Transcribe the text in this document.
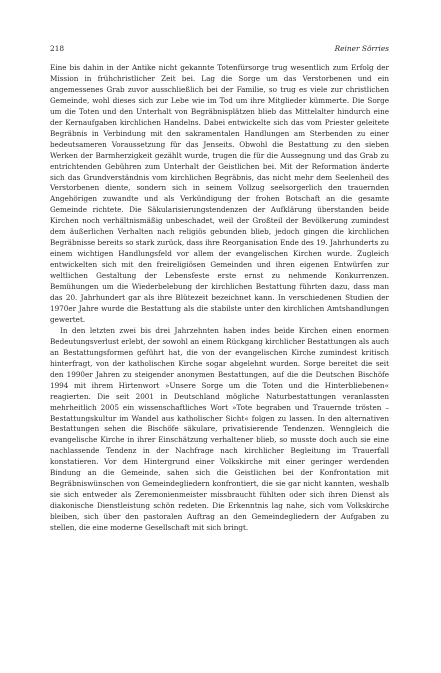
218	Reiner Sörries

Eine bis dahin in der Antike nicht gekannte Totenfürsorge trug wesentlich zum Erfolg der Mission in frühchristlicher Zeit bei. Lag die Sorge um das Verstorbenen und ein angemessenes Grab zuvor ausschließlich bei der Familie, so trug es viele zur christlichen Gemeinde, wohl dieses sich zur Lebe wie im Tod um ihre Mitglieder kümmerte. Die Sorge um die Toten und den Unterhalt von Begräbnisplätzen blieb das Mittelalter hindurch eine der Kernaufgaben kirchlichen Handelns. Dabei entwickelte sich das vom Priester geleitete Begräbnis in Verbindung mit den sakramentalen Handlungen am Sterbenden zu einer bedeutsameren Voraussetzung für das Jenseits. Obwohl die Bestattung zu den sieben Werken der Barmherzigkeit gezählt wurde, trugen die für die Aussegnung und das Grab zu entrichtenden Gebühren zum Unterhalt der Geistlichen bei. Mit der Reformation änderte sich das Grundverständnis vom kirchlichen Begräbnis, das nicht mehr dem Seelenheil des Verstorbenen diente, sondern sich in seinem Vollzug seelsorgerlich den trauernden Angehörigen zuwandte und als Verkündigung der frohen Botschaft an die gesamte Gemeinde richtete. Die Säkularisierungstendenzen der Aufklärung überstanden beide Kirchen noch verhältnismäßig unbeschadet, weil der Großteil der Bevölkerung zumindest dem äußerlichen Verhalten nach religiös gebunden blieb, jedoch gingen die kirchlichen Begräbnisse bereits so stark zurück, dass ihre Reorganisation Ende des 19. Jahrhunderts zu einem wichtigen Handlungsfeld vor allem der evangelischen Kirchen wurde. Zugleich entwickelten sich mit den freireligiösen Gemeinden und ihren eigenen Entwürfen zur weltlichen Gestaltung der Lebensfeste erste ernst zu nehmende Konkurrenzen. Bemühungen um die Wiederbelebung der kirchlichen Bestattung führten dazu, dass man das 20. Jahrhundert gar als ihre Blütezeit bezeichnet kann. In verschiedenen Studien der 1970er Jahre wurde die Bestattung als die stabilste unter den kirchlichen Amtshandlungen gewertet.

In den letzten zwei bis drei Jahrzehnten haben indes beide Kirchen einen enormen Bedeutungsverlust erlebt, der sowohl an einem Rückgang kirchlicher Bestattungen als auch an Bestattungsformen geführt hat, die von der evangelischen Kirche zumindest kritisch hinterfragt, von der katholischen Kirche sogar abgelehnt wurden. Sorge bereitet die seit den 1990er Jahren zu steigender anonymen Bestattungen, auf die die Deutschen Bischöfe 1994 mit ihrem Hirtenwort »Unsere Sorge um die Toten und die Hinterbliebenen« reagierten. Die seit 2001 in Deutschland mögliche Naturbestattungen veranlassten mehrheitlich 2005 ein wissenschaftliches Wort »Tote begraben und Trauernde trösten – Bestattungskultur im Wandel aus katholischer Sicht« folgen zu lassen. In den alternativen Bestattungen sehen die Bischöfe säkulare, privatisierende Tendenzen. Wenngleich die evangelische Kirche in ihrer Einschätzung verhaltener blieb, so musste doch auch sie eine nachlassende Tendenz in der Nachfrage nach kirchlicher Begleitung im Trauerfall konstatieren. Vor dem Hintergrund einer Volkskirche mit einer geringer werdenden Bindung an die Gemeinde, sahen sich die Geistlichen bei der Konfrontation mit Begräbniswünschen von Gemeindegliedern konfrontiert, die sie gar nicht kannten, weshalb sie sich entweder als Zeremonienmeister missbraucht fühlten oder sich ihren Dienst als diakonische Dienstleistung schön redeten. Die Erkenntnis lag nahe, sich vom Volkskirche bleiben, sich über den pastoralen Auftrag an den Gemeindegliedern der Aufgaben zu stellen, die eine moderne Gesellschaft mit sich bringt.
